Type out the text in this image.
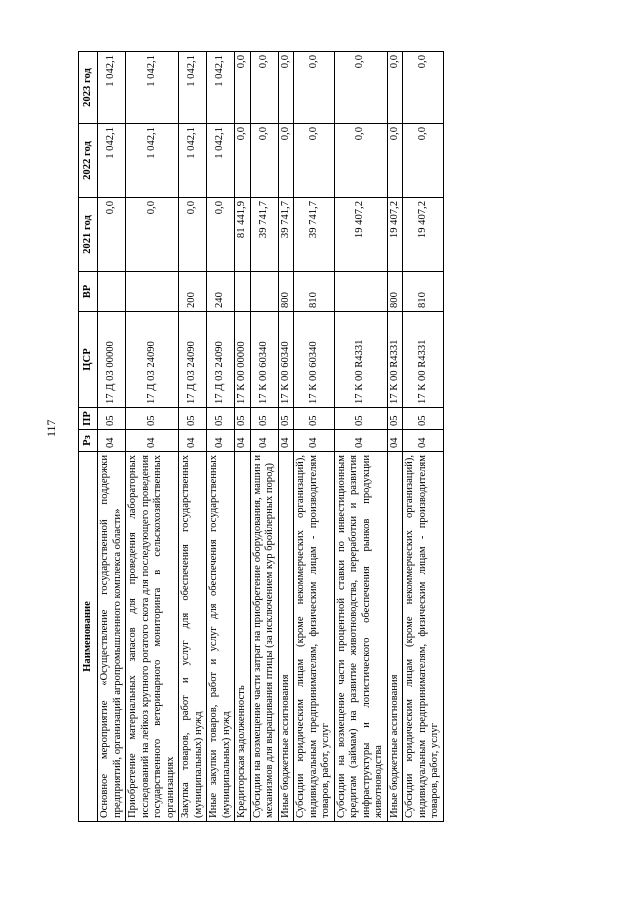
117
Наименование	Рз	ПР	ЦСР	ВР	2021 год	2022 год	2023 год
Основное мероприятие «Осуществление государственной поддержки предприятий, организаций агропромышленного комплекса области»	04	05	17 Д 03 00000		0,0	1 042,1	1 042,1
Приобретение материальных запасов для проведения лабораторных исследований на лейкоз крупного рогатого скота для последующего проведения государственного ветеринарного мониторинга в сельскохозяйственных организациях	04	05	17 Д 03 24090		0,0	1 042,1	1 042,1
Закупка товаров, работ и услуг для обеспечения государственных (муниципальных) нужд	04	05	17 Д 03 24090	200	0,0	1 042,1	1 042,1
Иные закупки товаров, работ и услуг для обеспечения государственных (муниципальных) нужд	04	05	17 Д 03 24090	240	0,0	1 042,1	1 042,1
Кредиторская задолженность	04	05	17 К 00 00000		81 441,9	0,0	0,0
Субсидии на возмещение части затрат на приобретение оборудования, машин и механизмов для выращивания птицы (за исключением кур бройлерных пород)	04	05	17 К 00 60340		39 741,7	0,0	0,0
Иные бюджетные ассигнования	04	05	17 К 00 60340	800	39 741,7	0,0	0,0
Субсидии юридическим лицам (кроме некоммерческих организаций), индивидуальным предпринимателям, физическим лицам - производителям товаров, работ, услуг	04	05	17 К 00 60340	810	39 741,7	0,0	0,0
Субсидии на возмещение части процентной ставки по инвестиционным кредитам (займам) на развитие животноводства, переработки и развития инфраструктуры и логистического обеспечения рынков продукции животноводства	04	05	17 К 00 R4331		19 407,2	0,0	0,0
Иные бюджетные ассигнования	04	05	17 К 00 R4331	800	19 407,2	0,0	0,0
Субсидии юридическим лицам (кроме некоммерческих организаций), индивидуальным предпринимателям, физическим лицам - производителям товаров, работ, услуг	04	05	17 К 00 R4331	810	19 407,2	0,0	0,0
